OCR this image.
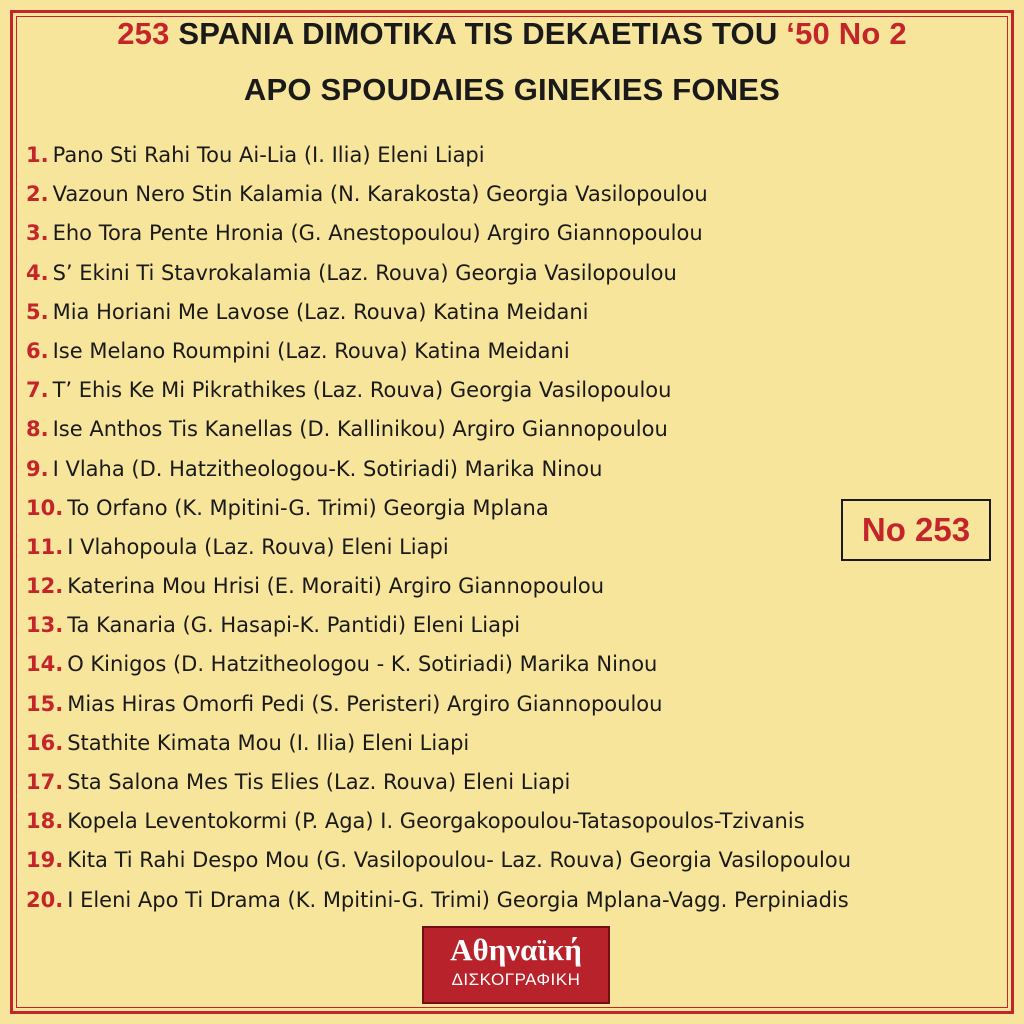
253 SPANIA DIMOTIKA TIS DEKAETIAS TOU ‘50 No 2
APO SPOUDAIES GINEKIES FONES
1. Pano Sti Rahi Tou Ai-Lia (I. Ilia) Eleni Liapi
2. Vazoun Nero Stin Kalamia (N. Karakosta) Georgia Vasilopoulou
3. Eho Tora Pente Hronia (G. Anestopoulou) Argiro Giannopoulou
4. S’ Ekini Ti Stavrokalamia (Laz. Rouva) Georgia Vasilopoulou
5. Mia Horiani Me Lavose (Laz. Rouva) Katina Meidani
6. Ise Melano Roumpini (Laz. Rouva) Katina Meidani
7. T’ Ehis Ke Mi Pikrathikes (Laz. Rouva) Georgia Vasilopoulou
8. Ise Anthos Tis Kanellas (D. Kallinikou) Argiro Giannopoulou
9. I Vlaha (D. Hatzitheologou-K. Sotiriadi) Marika Ninou
10. To Orfano (K. Mpitini-G. Trimi) Georgia Mplana
11. I Vlahopoula (Laz. Rouva) Eleni Liapi
12. Katerina Mou Hrisi (E. Moraiti) Argiro Giannopoulou
13. Ta Kanaria (G. Hasapi-K. Pantidi) Eleni Liapi
14. O Kinigos (D. Hatzitheologou - K. Sotiriadi) Marika Ninou
15. Mias Hiras Omorfi Pedi (S. Peristeri) Argiro Giannopoulou
16. Stathite Kimata Mou (I. Ilia) Eleni Liapi
17. Sta Salona Mes Tis Elies (Laz. Rouva) Eleni Liapi
18. Kopela Leventokormi (P. Aga) I. Georgakopoulou-Tatasopoulos-Tzivanis
19. Kita Ti Rahi Despo Mou (G. Vasilopoulou- Laz. Rouva) Georgia Vasilopoulou
20. I Eleni Apo Ti Drama (K. Mpitini-G. Trimi) Georgia Mplana-Vagg. Perpiniadis
No 253
Αθηναϊκή
ΔΙΣΚΟΓΡΑΦΙΚΗ
